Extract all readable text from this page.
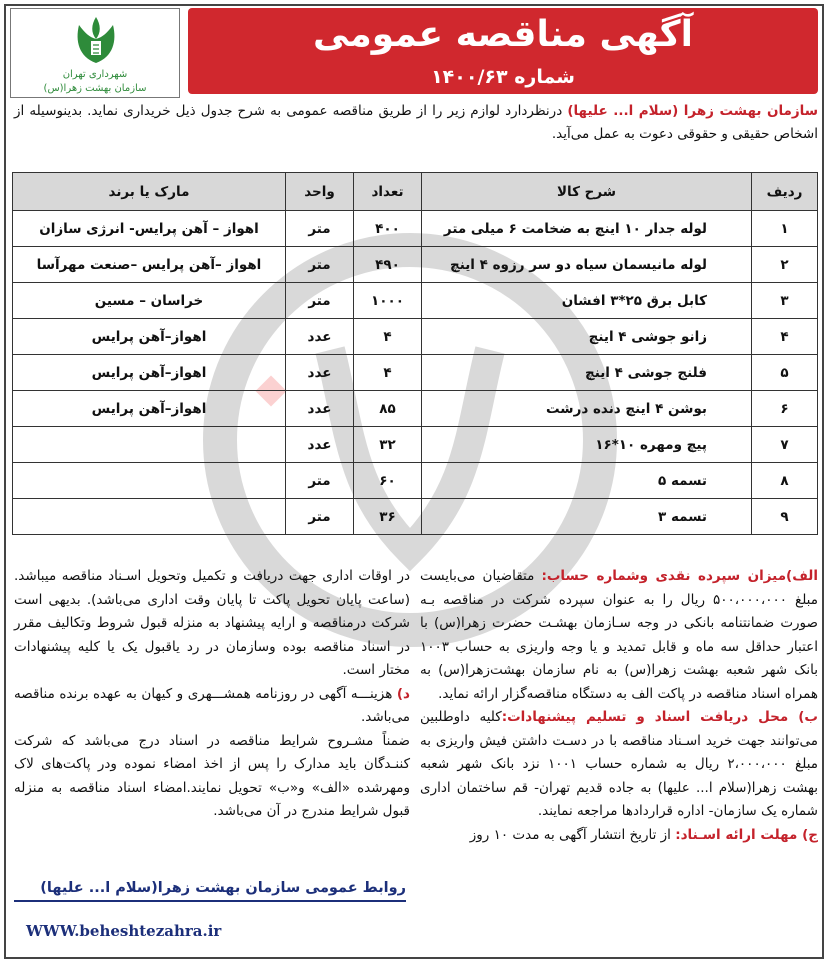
شهرداری تهران
سازمان بهشت زهرا(س)
آگهی مناقصه عمومی
شماره ۱۴۰۰/۶۳
سازمان بهشت زهرا (سلام ا... علیها) درنظردارد لوازم زیر را از طریق مناقصه عمومی به شرح جدول ذیل خریداری نماید. بدینوسیله از اشخاص حقیقی و حقوقی دعوت به عمل می‌آید.
ردیف	شرح کالا	تعداد	واحد	مارک یا برند
۱	لوله جدار ۱۰ اینچ به ضخامت ۶ میلی متر	۴۰۰	متر	اهواز – آهن پرایس- انرژی سازان
۲	لوله مانیسمان سیاه دو سر رزوه ۴ اینچ	۴۹۰	متر	اهواز –آهن پرایس –صنعت مهرآسا
۳	کابل برق ۲۵*۳ افشان	۱۰۰۰	متر	خراسان – مسین
۴	زانو جوشی ۴ اینچ	۴	عدد	اهواز–آهن پرایس
۵	فلنج جوشی ۴ اینچ	۴	عدد	اهواز–آهن پرایس
۶	بوشن ۴ اینچ دنده درشت	۸۵	عدد	اهواز–آهن پرایس
۷	پیچ ومهره ۱۰*۱۶	۳۲	عدد	
۸	تسمه ۵	۶۰	متر	
۹	تسمه ۳	۳۶	متر	
الف)میزان سپرده نقدی وشماره حساب: متقاضیان می‌بایست مبلغ ۵۰۰،۰۰۰،۰۰۰ ریال را به عنوان سپرده شرکت در مناقصه بـه صورت ضمانتنامه بانکی در وجه سـازمان بهشـت حضرت زهرا(س) با اعتبار حداقل سه ماه و قابل تمدید و یا وجه واریزی به حساب ۱۰۰۳ بانک شهر شعبه بهشت زهرا(س) به نام سازمان بهشت‌زهرا(س) به همراه اسناد مناقصه در پاکت الف به دستگاه مناقصه‌گزار ارائه نماید.
ب) محل دریافت اسناد و تسلیم پیشنهادات:کلیه داوطلبین می‌توانند جهت خرید اسـناد مناقصه با در دسـت داشتن فیش واریزی به مبلغ ۲،۰۰۰،۰۰۰ ریال به شماره حساب ۱۰۰۱ نزد بانک شهر شعبه بهشت زهرا(سلام ا... علیها) به جاده قدیم تهران- قم ساختمان اداری شماره یک سازمان- اداره قراردادها مراجعه نمایند.
ج) مهلت ارائه اسـناد: از تاریخ انتشار آگهی به مدت ۱۰ روز
در اوقات اداری جهت دریافت و تکمیل وتحویل اسـناد مناقصه میباشد.(ساعت پایان تحویل پاکت تا پایان وقت اداری می‌باشد). بدیهی است شرکت درمناقصه و ارایه پیشنهاد به منزله قبول شروط وتکالیف مقرر در اسناد مناقصه بوده وسازمان در رد یاقبول یک یا کلیه پیشنهادات مختار است.
د) هزینـــه آگهی در روزنامه همشـــهری و کیهان به عهده برنده مناقصه می‌باشد.
ضمناً مشـروح شرایط مناقصه در اسناد درج می‌باشد که شرکت کننـدگان باید مدارک را پس از اخذ امضاء نموده ودر پاکت‌های لاک ومهرشده «الف» و«ب» تحویل نمایند.امضاء اسناد مناقصه به منزله قبول شرایط مندرج در آن می‌باشد.
روابط عمومی سازمان بهشت زهرا(سلام ا... علیها)
WWW.beheshtezahra.ir
